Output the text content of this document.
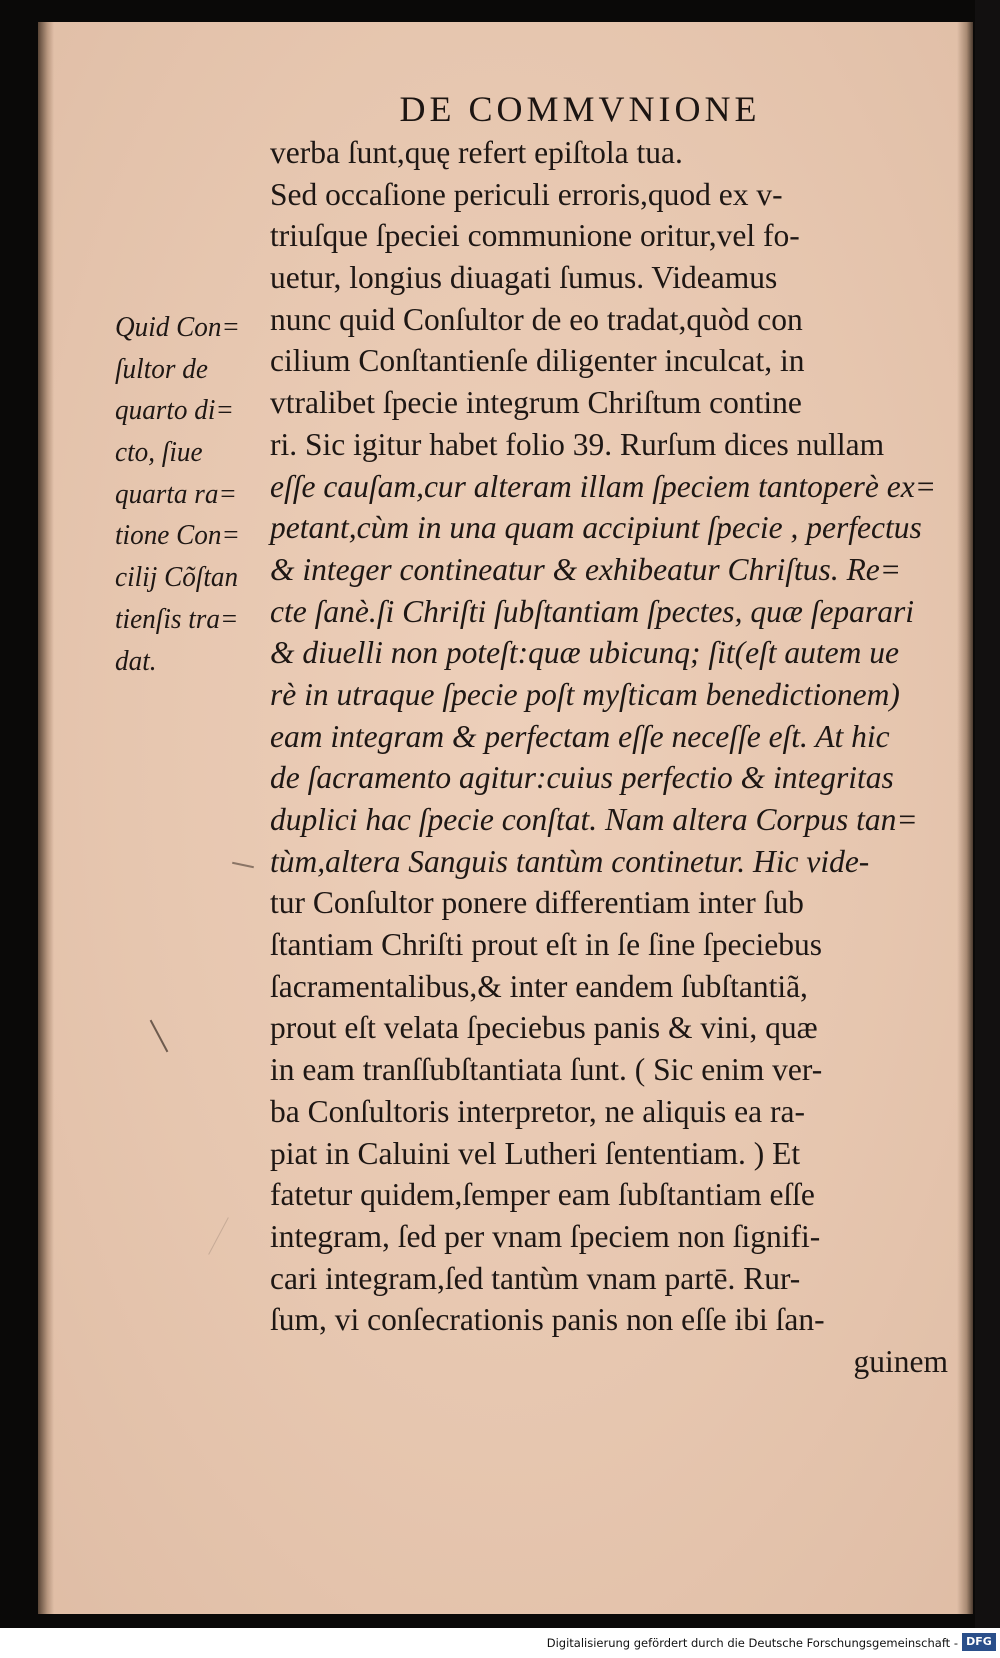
DE COMMVNIONE
Quid Con=
ſultor de
quarto di=
cto, ſiue
quarta ra=
tione Con=
cilij Cõſtan
tienſis tra=
dat.
verba ſunt,quę refert epiſtola tua.
Sed occaſione periculi erroris,quod ex v-
triuſque ſpeciei communione oritur,vel fo-
uetur, longius diuagati ſumus. Videamus
nunc quid Conſultor de eo tradat,quòd con
cilium Conſtantienſe diligenter inculcat, in
vtralibet ſpecie integrum Chriſtum contine
ri. Sic igitur habet folio 39. Rurſum dices nullam
eſſe cauſam,cur alteram illam ſpeciem tantoperè ex=
petant,cùm in una quam accipiunt ſpecie , perfectus
& integer contineatur & exhibeatur Chriſtus. Re=
cte ſanè.ſi Chriſti ſubſtantiam ſpectes, quæ ſeparari
& diuelli non poteſt:quæ ubicunq; ſit(eſt autem ue
rè in utraque ſpecie poſt myſticam benedictionem)
eam integram & perfectam eſſe neceſſe eſt. At hic
de ſacramento agitur:cuius perfectio & integritas
duplici hac ſpecie conſtat. Nam altera Corpus tan=
tùm,altera Sanguis tantùm continetur. Hic vide-
tur Conſultor ponere differentiam inter ſub
ſtantiam Chriſti prout eſt in ſe ſine ſpeciebus
ſacramentalibus,& inter eandem ſubſtantiã,
prout eſt velata ſpeciebus panis & vini, quæ
in eam tranſſubſtantiata ſunt. ( Sic enim ver-
ba Conſultoris interpretor, ne aliquis ea ra-
piat in Caluini vel Lutheri ſententiam. ) Et
fatetur quidem,ſemper eam ſubſtantiam eſſe
integram, ſed per vnam ſpeciem non ſignifi-
cari integram,ſed tantùm vnam partē. Rur-
ſum, vi conſecrationis panis non eſſe ibi ſan-
guinem
Digitalisierung gefördert durch die Deutsche Forschungsgemeinschaft - DFG
